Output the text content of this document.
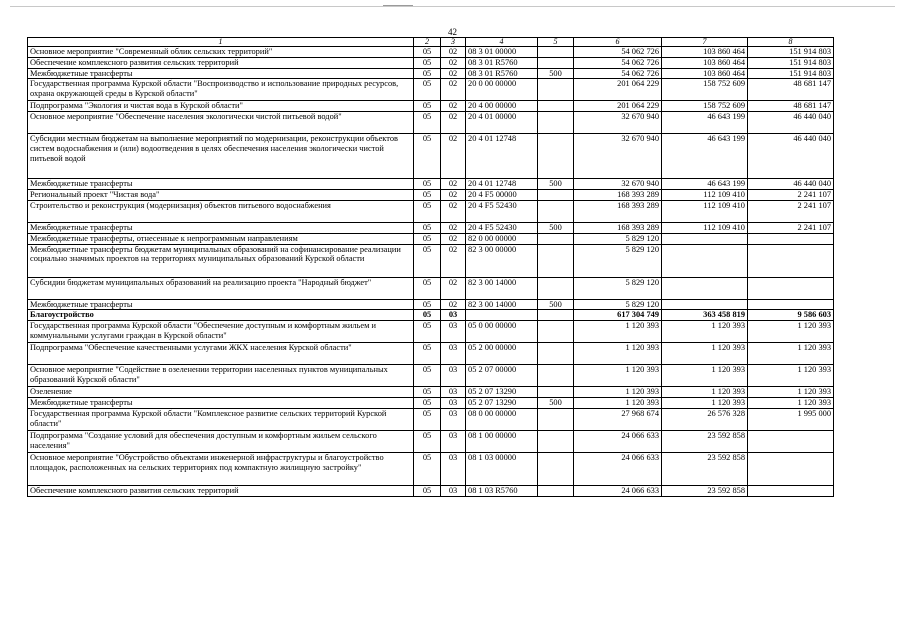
42
1	2	3	4	5	6	7	8
Основное мероприятие "Современный облик сельских территорий"	05	02	08 3 01 00000		54 062 726	103 860 464	151 914 803
Обеспечение комплексного развития сельских территорий	05	02	08 3 01 R5760		54 062 726	103 860 464	151 914 803
Межбюджетные трансферты	05	02	08 3 01 R5760	500	54 062 726	103 860 464	151 914 803
Государственная программа Курской области "Воспроизводство и использование природных ресурсов, охрана окружающей среды в Курской области"	05	02	20 0 00 00000		201 064 229	158 752 609	48 681 147
Подпрограмма "Экология и чистая вода в Курской области"	05	02	20 4 00 00000		201 064 229	158 752 609	48 681 147
Основное мероприятие "Обеспечение населения экологически чистой питьевой водой"	05	02	20 4 01 00000		32 670 940	46 643 199	46 440 040
Субсидии местным бюджетам на выполнение мероприятий по модернизации, реконструкции объектов систем водоснабжения и (или) водоотведения в целях обеспечения населения экологически чистой питьевой водой	05	02	20 4 01 12748		32 670 940	46 643 199	46 440 040
Межбюджетные трансферты	05	02	20 4 01 12748	500	32 670 940	46 643 199	46 440 040
Региональный проект "Чистая вода"	05	02	20 4 F5 00000		168 393 289	112 109 410	2 241 107
Строительство и реконструкция (модернизация) объектов питьевого водоснабжения	05	02	20 4 F5 52430		168 393 289	112 109 410	2 241 107
Межбюджетные трансферты	05	02	20 4 F5 52430	500	168 393 289	112 109 410	2 241 107
Межбюджетные трансферты, отнесенные к непрограммным направлениям	05	02	82 0 00 00000		5 829 120		
Межбюджетные трансферты бюджетам муниципальных образований на софинансирование реализации социально значимых проектов на территориях муниципальных образований Курской области	05	02	82 3 00 00000		5 829 120		
Субсидии бюджетам муниципальных образований на реализацию проекта "Народный бюджет"	05	02	82 3 00 14000		5 829 120		
Межбюджетные трансферты	05	02	82 3 00 14000	500	5 829 120		
Благоустройство	05	03			617 304 749	363 458 819	9 586 603
Государственная программа Курской области "Обеспечение доступным и комфортным жильем и коммунальными услугами граждан в Курской области"	05	03	05 0 00 00000		1 120 393	1 120 393	1 120 393
Подпрограмма "Обеспечение качественными услугами ЖКХ населения Курской области"	05	03	05 2 00 00000		1 120 393	1 120 393	1 120 393
Основное мероприятие "Содействие в озеленении территории населенных пунктов муниципальных образований Курской области"	05	03	05 2 07 00000		1 120 393	1 120 393	1 120 393
Озеленение	05	03	05 2 07 13290		1 120 393	1 120 393	1 120 393
Межбюджетные трансферты	05	03	05 2 07 13290	500	1 120 393	1 120 393	1 120 393
Государственная программа Курской области "Комплексное развитие сельских территорий Курской области"	05	03	08 0 00 00000		27 968 674	26 576 328	1 995 000
Подпрограмма "Создание условий для обеспечения доступным и комфортным жильем сельского населения"	05	03	08 1 00 00000		24 066 633	23 592 858	
Основное мероприятие "Обустройство объектами инженерной инфраструктуры и благоустройство площадок, расположенных на сельских территориях под компактную жилищную застройку"	05	03	08 1 03 00000		24 066 633	23 592 858	
Обеспечение комплексного развития сельских территорий	05	03	08 1 03 R5760		24 066 633	23 592 858	
